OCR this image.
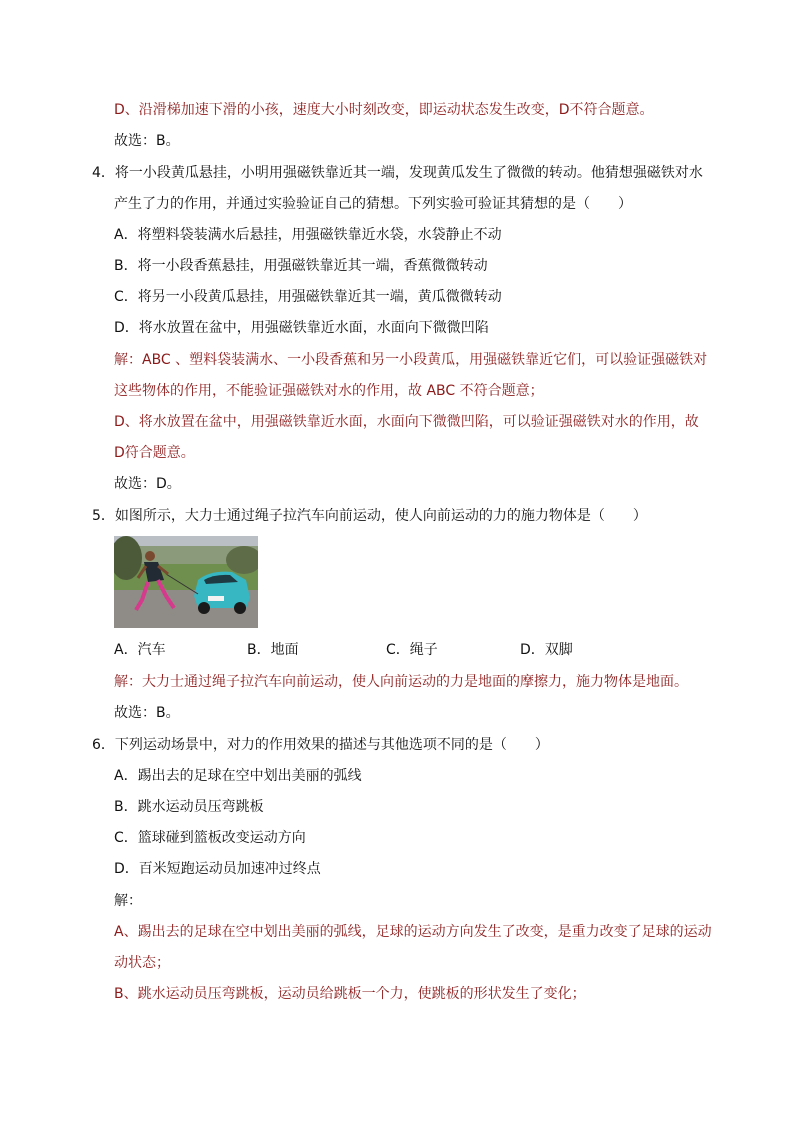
D、沿滑梯加速下滑的小孩，速度大小时刻改变，即运动状态发生改变，D不符合题意。
故选：B。
4．将一小段黄瓜悬挂，小明用强磁铁靠近其一端，发现黄瓜发生了微微的转动。他猜想强磁铁对水
产生了力的作用，并通过实验验证自己的猜想。下列实验可验证其猜想的是（　　）
A．将塑料袋装满水后悬挂，用强磁铁靠近水袋，水袋静止不动
B．将一小段香蕉悬挂，用强磁铁靠近其一端，香蕉微微转动
C．将另一小段黄瓜悬挂，用强磁铁靠近其一端，黄瓜微微转动
D．将水放置在盆中，用强磁铁靠近水面，水面向下微微凹陷
解：ABC 、塑料袋装满水、一小段香蕉和另一小段黄瓜，用强磁铁靠近它们，可以验证强磁铁对
这些物体的作用，不能验证强磁铁对水的作用，故 ABC 不符合题意；
D、将水放置在盆中，用强磁铁靠近水面，水面向下微微凹陷，可以验证强磁铁对水的作用，故
D符合题意。
故选：D。
5．如图所示，大力士通过绳子拉汽车向前运动，使人向前运动的力的施力物体是（　　）
A．汽车	B．地面	C．绳子	D．双脚
解：大力士通过绳子拉汽车向前运动，使人向前运动的力是地面的摩擦力，施力物体是地面。
故选：B。
6．下列运动场景中，对力的作用效果的描述与其他选项不同的是（　　）
A．踢出去的足球在空中划出美丽的弧线
B．跳水运动员压弯跳板
C．篮球碰到篮板改变运动方向
D．百米短跑运动员加速冲过终点
解：
A、踢出去的足球在空中划出美丽的弧线，足球的运动方向发生了改变，是重力改变了足球的运动
动状态；
B、跳水运动员压弯跳板，运动员给跳板一个力，使跳板的形状发生了变化；
